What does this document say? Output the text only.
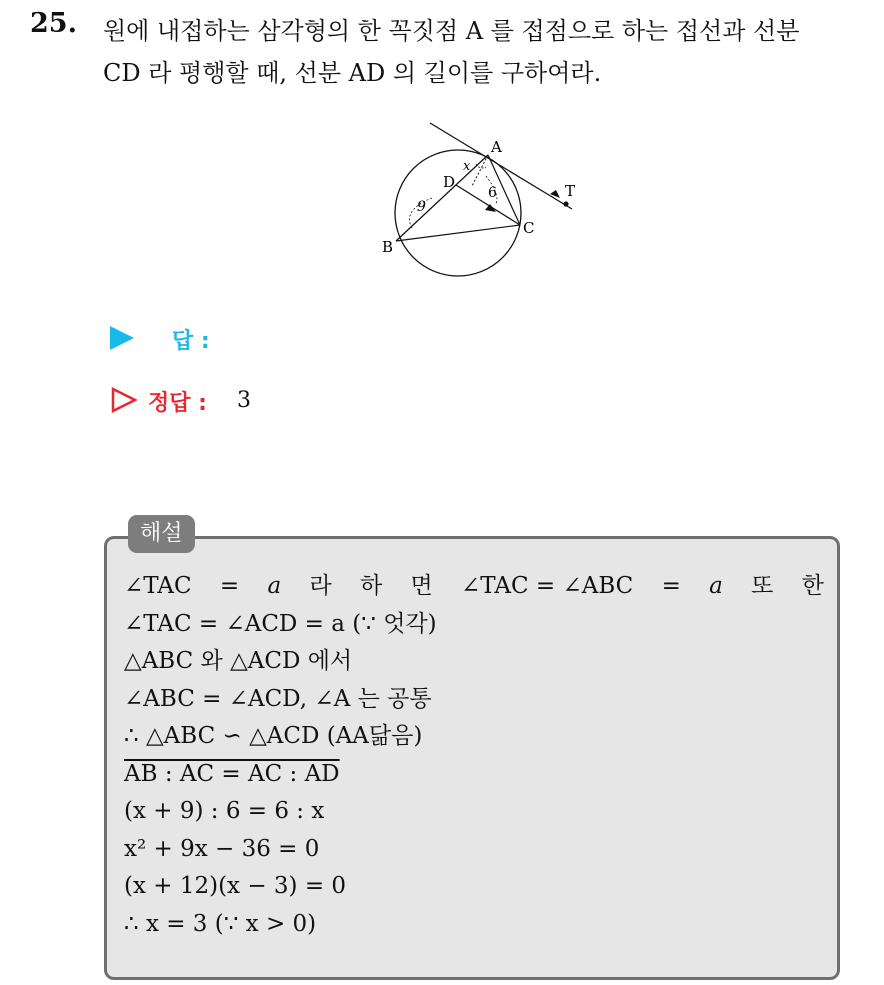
25. 원에 내접하는 삼각형의 한 꼭짓점 A 를 접점으로 하는 접선과 선분
CD 라 평행할 때, 선분 AD 의 길이를 구하여라.
A
B
C
D	T
x
6
9
답 :
정답 : 3
해설
∠TAC = a 라 하 면 ∠TAC = ∠ABC = a 또 한
∠TAC = ∠ACD = a (∵ 엇각)
△ABC 와 △ACD 에서
∠ABC = ∠ACD, ∠A 는 공통
∴ △ABC ∽ △ACD (AA닮음)
AB : AC = AC : AD
(x + 9) : 6 = 6 : x
x² + 9x − 36 = 0
(x + 12)(x − 3) = 0
∴ x = 3 (∵ x > 0)
